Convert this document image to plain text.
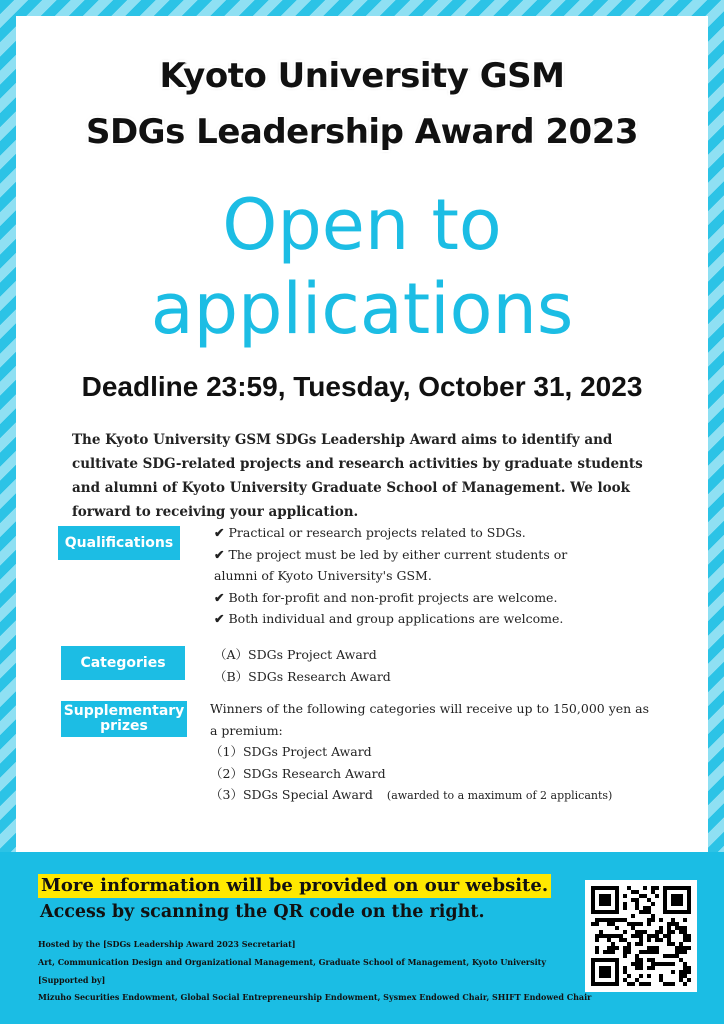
Kyoto University GSM
SDGs Leadership Award 2023
Open to
applications
Deadline 23:59, Tuesday, October 31, 2023
The Kyoto University GSM SDGs Leadership Award aims to identify and cultivate SDG-related projects and research activities by graduate students and alumni of Kyoto University Graduate School of Management. We look forward to receiving your application.
Qualifications
✔ Practical or research projects related to SDGs.
✔ The project must be led by either current students or alumni of Kyoto University's GSM.
✔ Both for-profit and non-profit projects are welcome.
✔ Both individual and group applications are welcome.
Categories	（A）SDGs Project Award
（B）SDGs Research Award
Supplementary prizes
Winners of the following categories will receive up to 150,000 yen as a premium:
（1）SDGs Project Award
（2）SDGs Research Award
（3）SDGs Special Award (awarded to a maximum of 2 applicants)
More information will be provided on our website.
Access by scanning the QR code on the right.
Hosted by the [SDGs Leadership Award 2023 Secretariat]
Art, Communication Design and Organizational Management, Graduate School of Management, Kyoto University
[Supported by]
Mizuho Securities Endowment, Global Social Entrepreneurship Endowment, Sysmex Endowed Chair, SHIFT Endowed Chair
